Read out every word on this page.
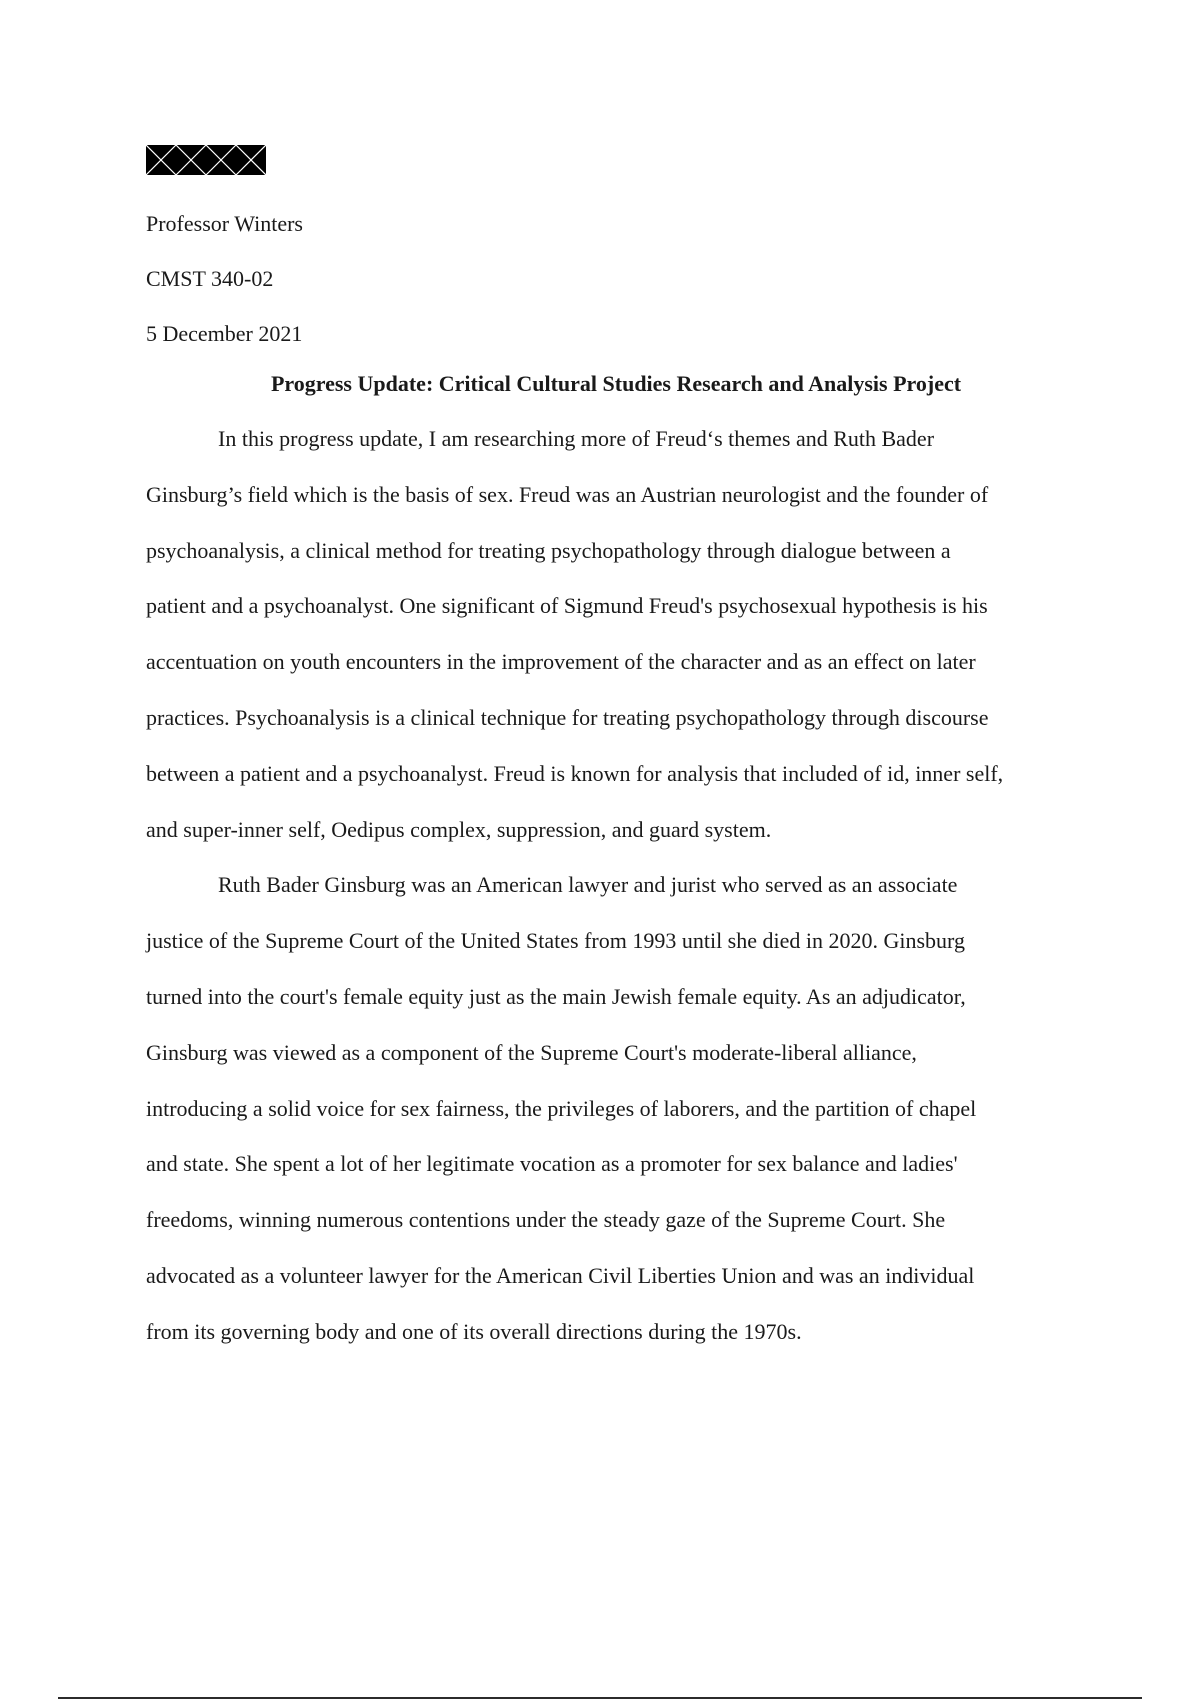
Professor Winters
CMST 340-02
5 December 2021
Progress Update: Critical Cultural Studies Research and Analysis Project

In this progress update, I am researching more of Freud‘s themes and Ruth Bader
Ginsburg’s field which is the basis of sex. Freud was an Austrian neurologist and the founder of
psychoanalysis, a clinical method for treating psychopathology through dialogue between a
patient and a psychoanalyst. One significant of Sigmund Freud's psychosexual hypothesis is his
accentuation on youth encounters in the improvement of the character and as an effect on later
practices. Psychoanalysis is a clinical technique for treating psychopathology through discourse
between a patient and a psychoanalyst. Freud is known for analysis that included of id, inner self,
and super-inner self, Oedipus complex, suppression, and guard system.

Ruth Bader Ginsburg was an American lawyer and jurist who served as an associate
justice of the Supreme Court of the United States from 1993 until she died in 2020. Ginsburg
turned into the court's female equity just as the main Jewish female equity. As an adjudicator,
Ginsburg was viewed as a component of the Supreme Court's moderate-liberal alliance,
introducing a solid voice for sex fairness, the privileges of laborers, and the partition of chapel
and state. She spent a lot of her legitimate vocation as a promoter for sex balance and ladies'
freedoms, winning numerous contentions under the steady gaze of the Supreme Court. She
advocated as a volunteer lawyer for the American Civil Liberties Union and was an individual
from its governing body and one of its overall directions during the 1970s.
